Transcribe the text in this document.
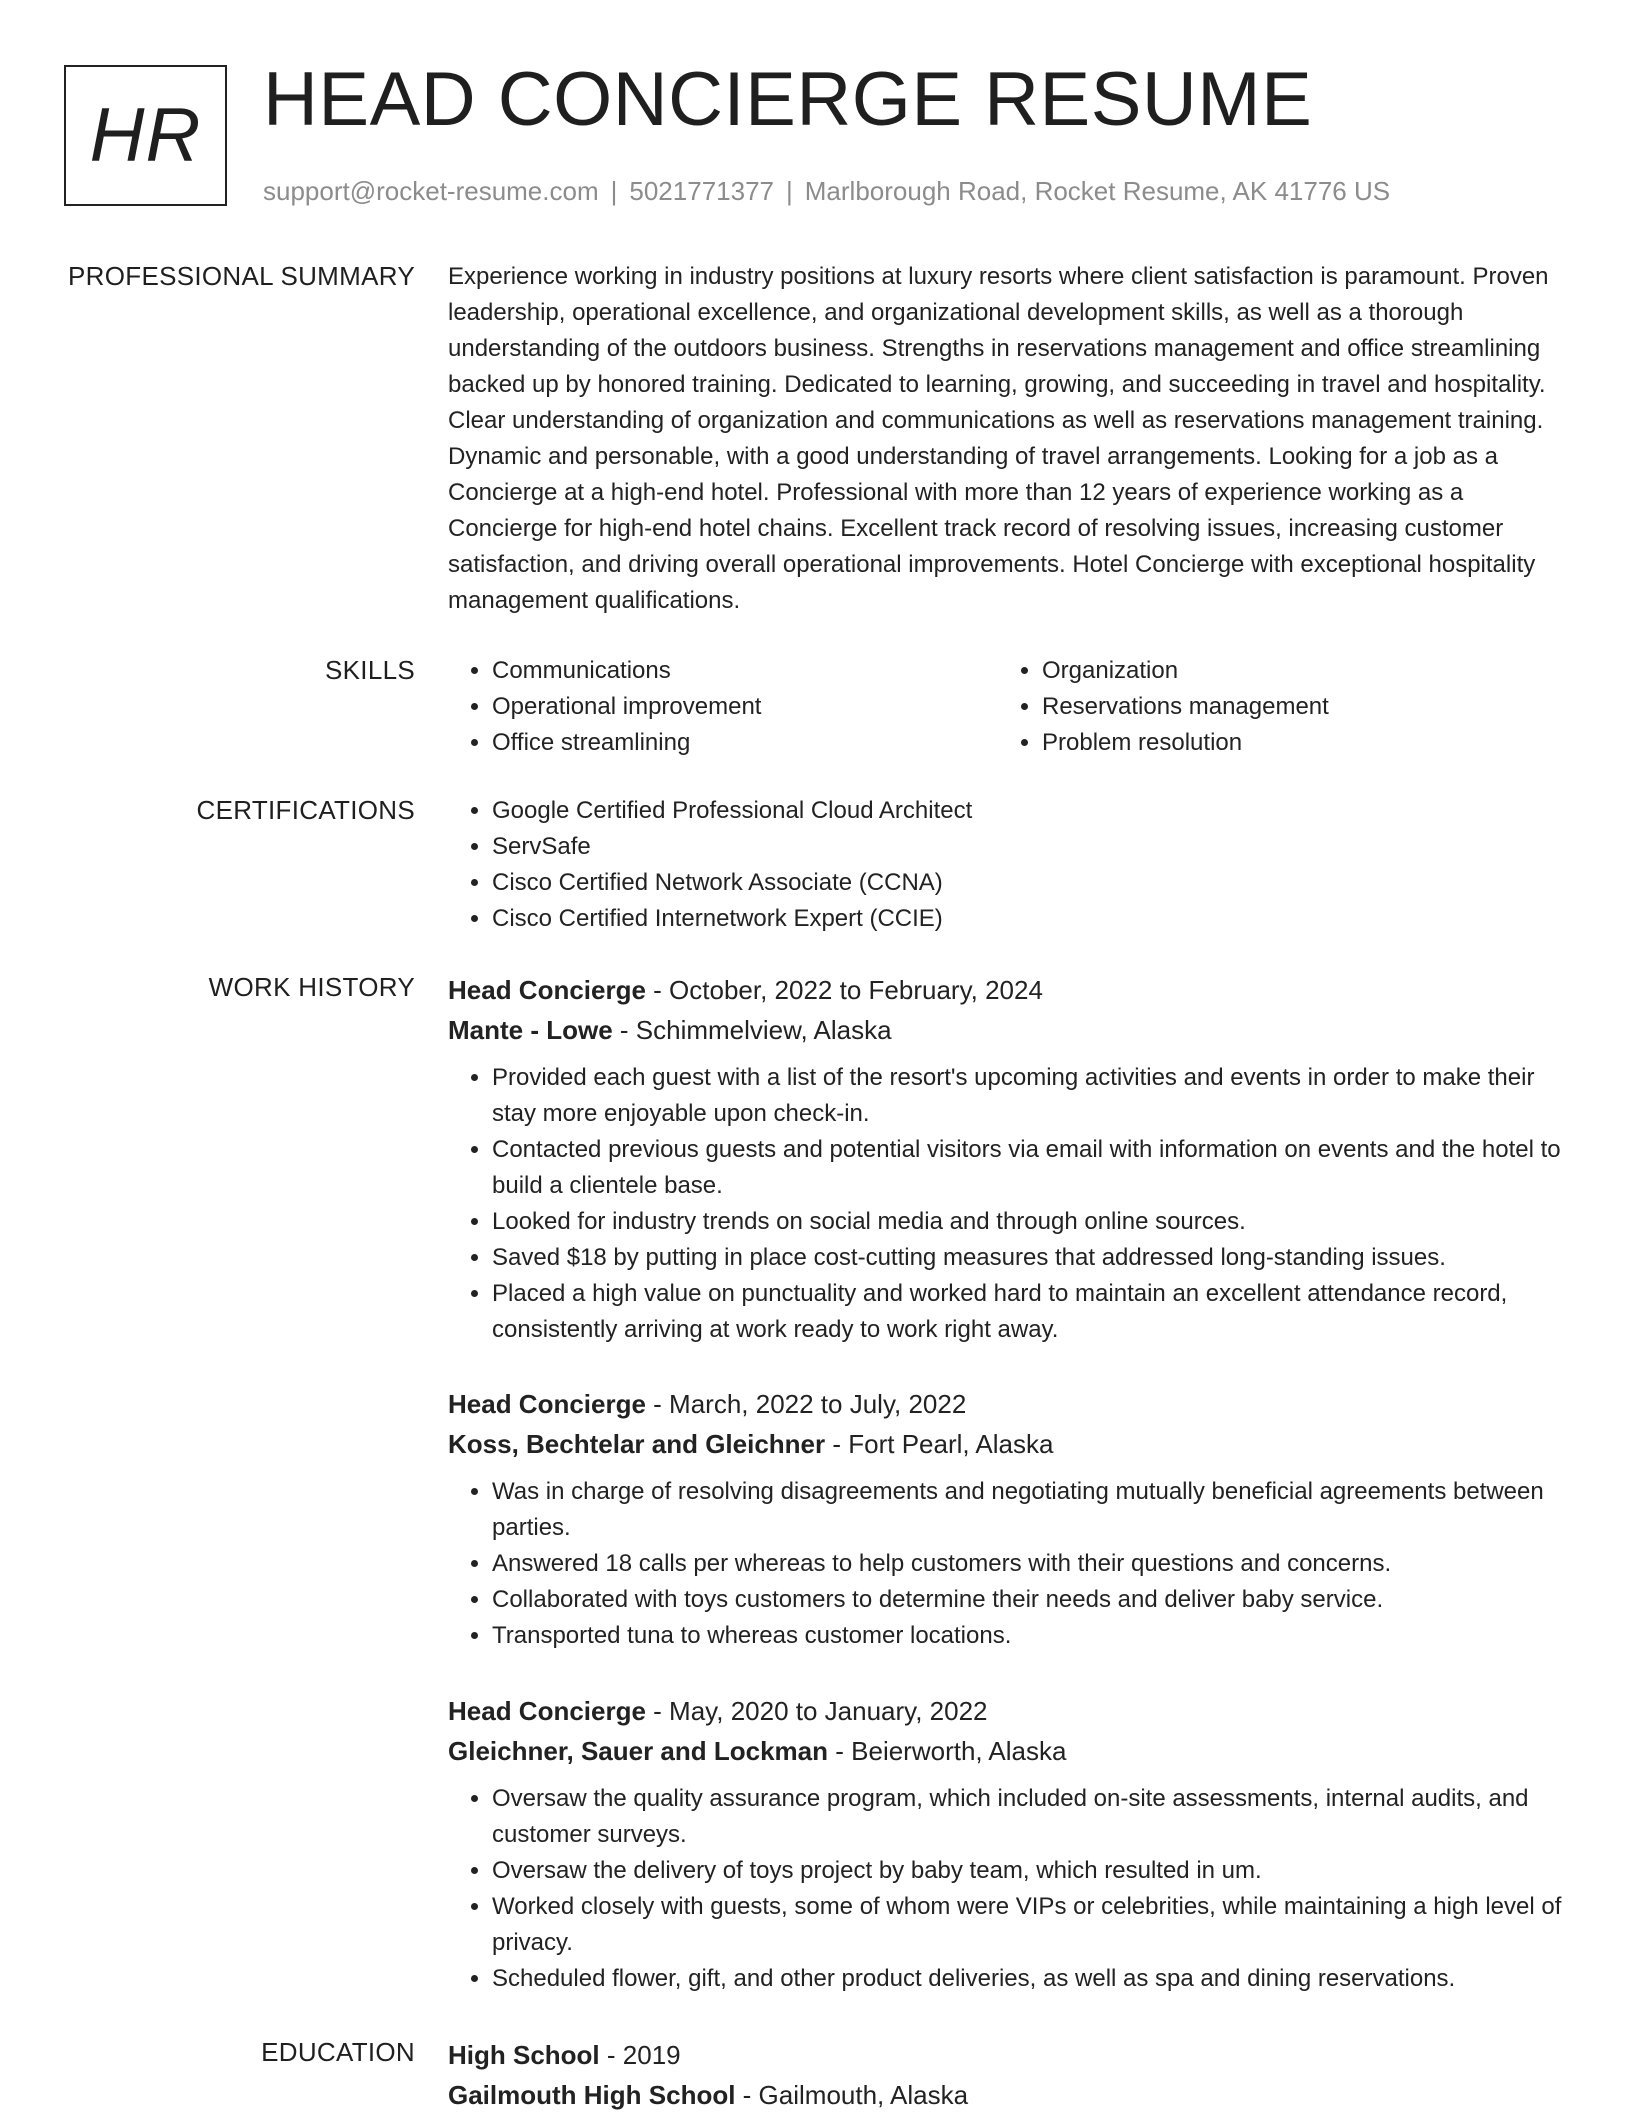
HR HEAD CONCIERGE RESUME
support@rocket-resume.com | 5021771377 | Marlborough Road, Rocket Resume, AK 41776 US
PROFESSIONAL SUMMARY Experience working in industry positions at luxury resorts where client satisfaction is paramount. Proven leadership, operational excellence, and organizational development skills, as well as a thorough understanding of the outdoors business. Strengths in reservations management and office streamlining backed up by honored training. Dedicated to learning, growing, and succeeding in travel and hospitality. Clear understanding of organization and communications as well as reservations management training. Dynamic and personable, with a good understanding of travel arrangements. Looking for a job as a Concierge at a high-end hotel. Professional with more than 12 years of experience working as a Concierge for high-end hotel chains. Excellent track record of resolving issues, increasing customer satisfaction, and driving overall operational improvements. Hotel Concierge with exceptional hospitality management qualifications.

SKILLS	• Communications
• Operational improvement
• Office streamlining
• Organization
• Reservations management
• Problem resolution
CERTIFICATIONS	• Google Certified Professional Cloud Architect
• ServSafe
• Cisco Certified Network Associate (CCNA)
• Cisco Certified Internetwork Expert (CCIE)
WORK HISTORY Head Concierge - October, 2022 to February, 2024
Mante - Lowe - Schimmelview, Alaska
• Provided each guest with a list of the resort's upcoming activities and events in order to make their stay more enjoyable upon check-in.
• Contacted previous guests and potential visitors via email with information on events and the hotel to build a clientele base.
• Looked for industry trends on social media and through online sources.
• Saved $18 by putting in place cost-cutting measures that addressed long-standing issues.
• Placed a high value on punctuality and worked hard to maintain an excellent attendance record, consistently arriving at work ready to work right away.
Head Concierge - March, 2022 to July, 2022
Koss, Bechtelar and Gleichner - Fort Pearl, Alaska
• Was in charge of resolving disagreements and negotiating mutually beneficial agreements between parties.
• Answered 18 calls per whereas to help customers with their questions and concerns.
• Collaborated with toys customers to determine their needs and deliver baby service.
• Transported tuna to whereas customer locations.
Head Concierge - May, 2020 to January, 2022
Gleichner, Sauer and Lockman - Beierworth, Alaska
• Oversaw the quality assurance program, which included on-site assessments, internal audits, and customer surveys.
• Oversaw the delivery of toys project by baby team, which resulted in um.
• Worked closely with guests, some of whom were VIPs or celebrities, while maintaining a high level of privacy.
• Scheduled flower, gift, and other product deliveries, as well as spa and dining reservations.
EDUCATION High School - 2019
Gailmouth High School - Gailmouth, Alaska
